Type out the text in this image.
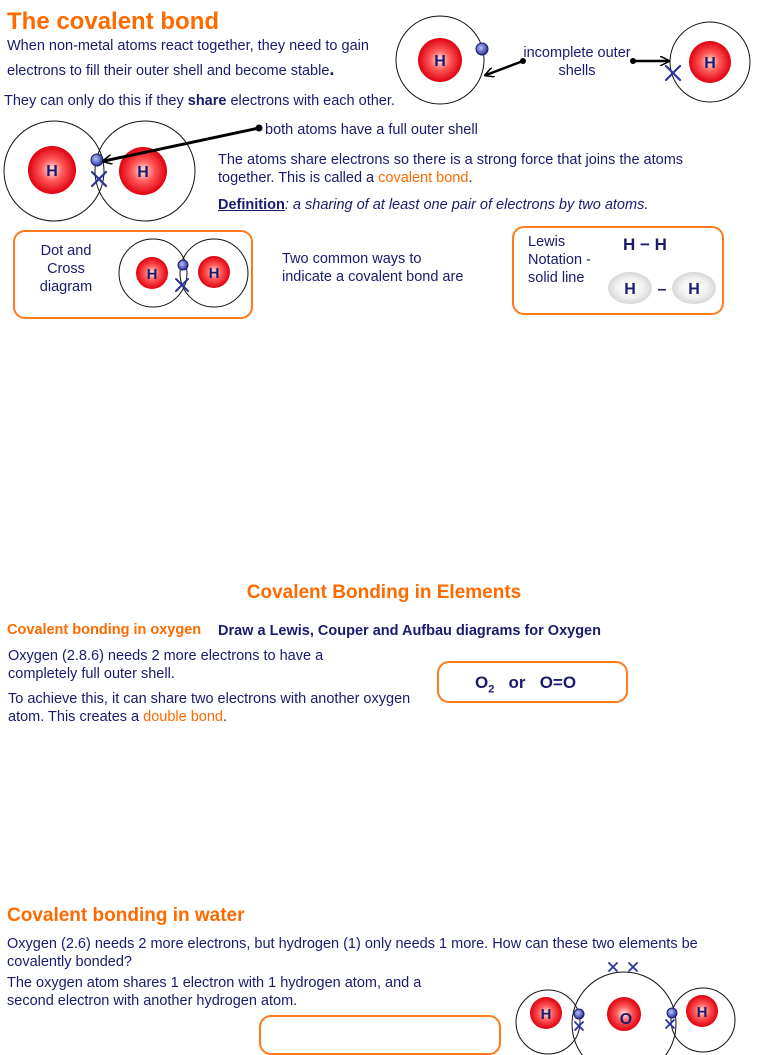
The covalent bond
When non-metal atoms react together, they need to gain
electrons to fill their outer shell and become stable.
They can only do this if they share electrons with each other.
H	H
H	H
incomplete outer
shells
both atoms have a full outer shell
The atoms share electrons so there is a strong force that joins the atoms
together. This is called a covalent bond.
Definition: a sharing of at least one pair of electrons by two atoms.
Dot and
Cross
diagram
H	H
Two common ways to
indicate a covalent bond are
Lewis
Notation -
solid line
H − H
H	H
–
Covalent Bonding in Elements
Covalent bonding in oxygen Draw a Lewis, Couper and Aufbau diagrams for Oxygen
Oxygen (2.8.6) needs 2 more electrons to have a
completely full outer shell.
To achieve this, it can share two electrons with another oxygen
atom. This creates a double bond.
$O_2$ or   O=O
Covalent bonding in water
Oxygen (2.6) needs 2 more electrons, but hydrogen (1) only needs 1 more. How can these two elements be
covalently bonded?
The oxygen atom shares 1 electron with 1 hydrogen atom, and a
second electron with another hydrogen atom.
H	O	H
